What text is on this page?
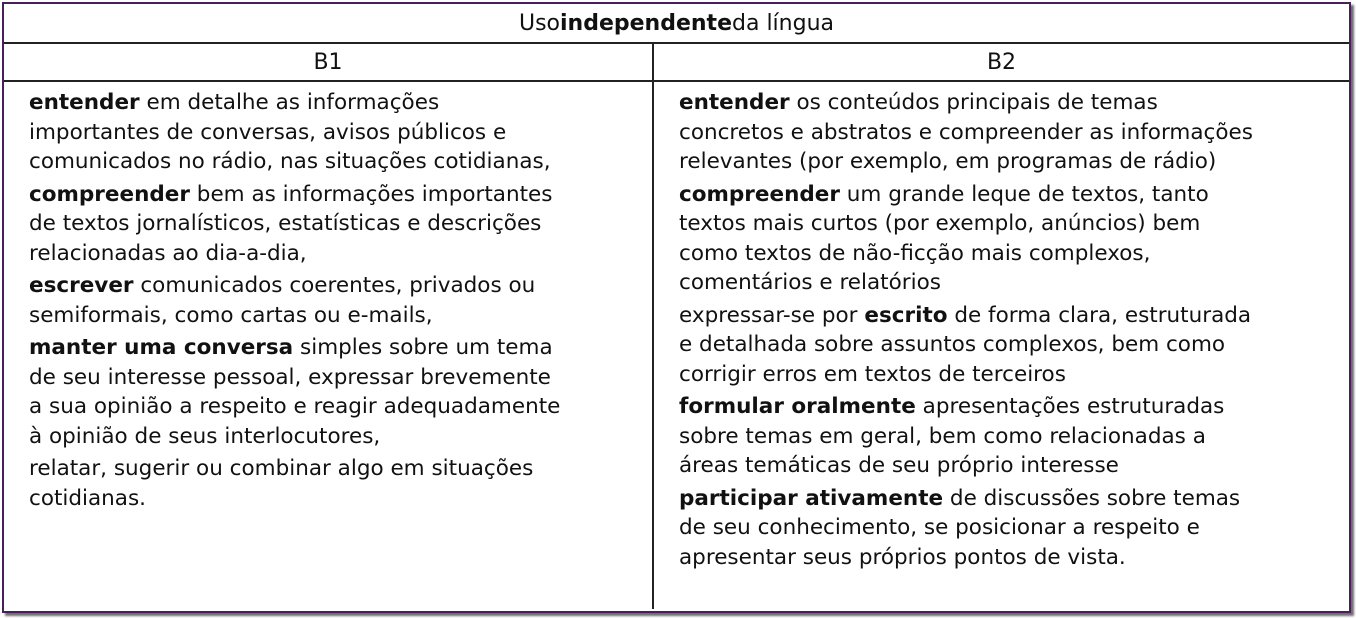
Uso independente da língua
B1	B2

entender em detalhe as informações
importantes de conversas, avisos públicos e
comunicados no rádio, nas situações cotidianas,

compreender bem as informações importantes
de textos jornalísticos, estatísticas e descrições
relacionadas ao dia-a-dia,

escrever comunicados coerentes, privados ou
semiformais, como cartas ou e-mails,

manter uma conversa simples sobre um tema
de seu interesse pessoal, expressar brevemente
a sua opinião a respeito e reagir adequadamente
à opinião de seus interlocutores,

relatar, sugerir ou combinar algo em situações
cotidianas.

entender os conteúdos principais de temas
concretos e abstratos e compreender as informações
relevantes (por exemplo, em programas de rádio)

compreender um grande leque de textos, tanto
textos mais curtos (por exemplo, anúncios) bem
como textos de não-ficção mais complexos,
comentários e relatórios

expressar-se por escrito de forma clara, estruturada
e detalhada sobre assuntos complexos, bem como
corrigir erros em textos de terceiros

formular oralmente apresentações estruturadas
sobre temas em geral, bem como relacionadas a
áreas temáticas de seu próprio interesse

participar ativamente de discussões sobre temas
de seu conhecimento, se posicionar a respeito e
apresentar seus próprios pontos de vista.
